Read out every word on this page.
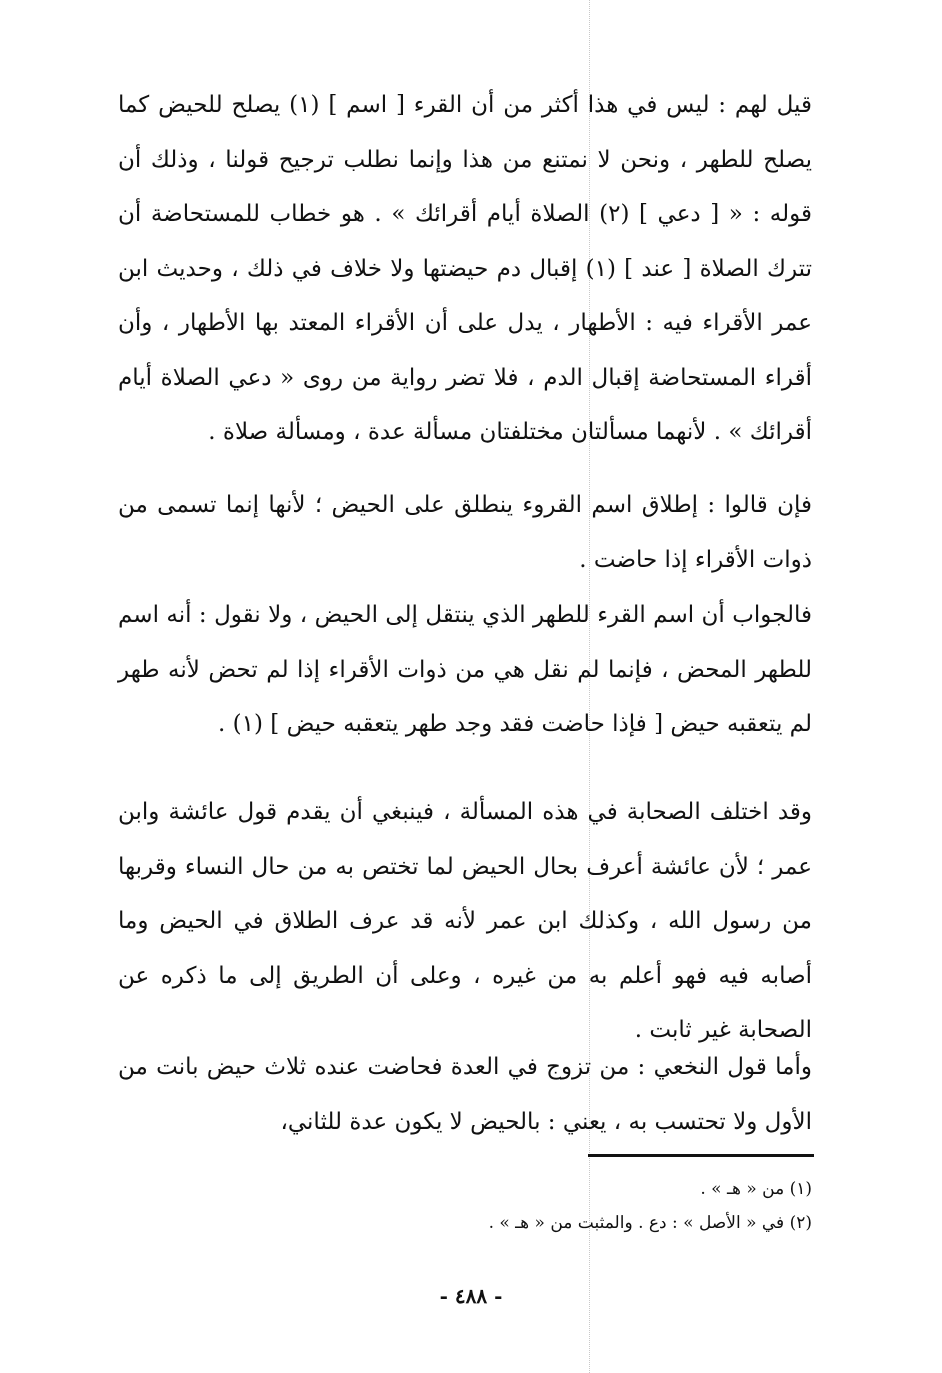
قيل لهم : ليس في هذا أكثر من أن القرء [ اسم ] (١) يصلح للحيض كما يصلح للطهر ، ونحن لا نمتنع من هذا وإنما نطلب ترجيح قولنا ، وذلك أن قوله : « [ دعي ] (٢) الصلاة أيام أقرائك » . هو خطاب للمستحاضة أن تترك الصلاة [ عند ] (١) إقبال دم حيضتها ولا خلاف في ذلك ، وحديث ابن عمر الأقراء فيه : الأطهار ، يدل على أن الأقراء المعتد بها الأطهار ، وأن أقراء المستحاضة إقبال الدم ، فلا تضر رواية من روى « دعي الصلاة أيام أقرائك » . لأنهما مسألتان مختلفتان مسألة عدة ، ومسألة صلاة .

فإن قالوا : إطلاق اسم القروء ينطلق على الحيض ؛ لأنها إنما تسمى من ذوات الأقراء إذا حاضت .

فالجواب أن اسم القرء للطهر الذي ينتقل إلى الحيض ، ولا نقول : أنه اسم للطهر المحض ، فإنما لم نقل هي من ذوات الأقراء إذا لم تحض لأنه طهر لم يتعقبه حيض [ فإذا حاضت فقد وجد طهر يتعقبه حيض ] (١) .

وقد اختلف الصحابة في هذه المسألة ، فينبغي أن يقدم قول عائشة وابن عمر ؛ لأن عائشة أعرف بحال الحيض لما تختص به من حال النساء وقربها من رسول الله ، وكذلك ابن عمر لأنه قد عرف الطلاق في الحيض وما أصابه فيه فهو أعلم به من غيره ، وعلى أن الطريق إلى ما ذكره عن الصحابة غير ثابت .

وأما قول النخعي : من تزوج في العدة فحاضت عنده ثلاث حيض بانت من الأول ولا تحتسب به ، يعني : بالحيض لا يكون عدة للثاني،

(١) من « هـ » .

(٢) في « الأصل » : دع . والمثبت من « هـ » .

- ٤٨٨ -
